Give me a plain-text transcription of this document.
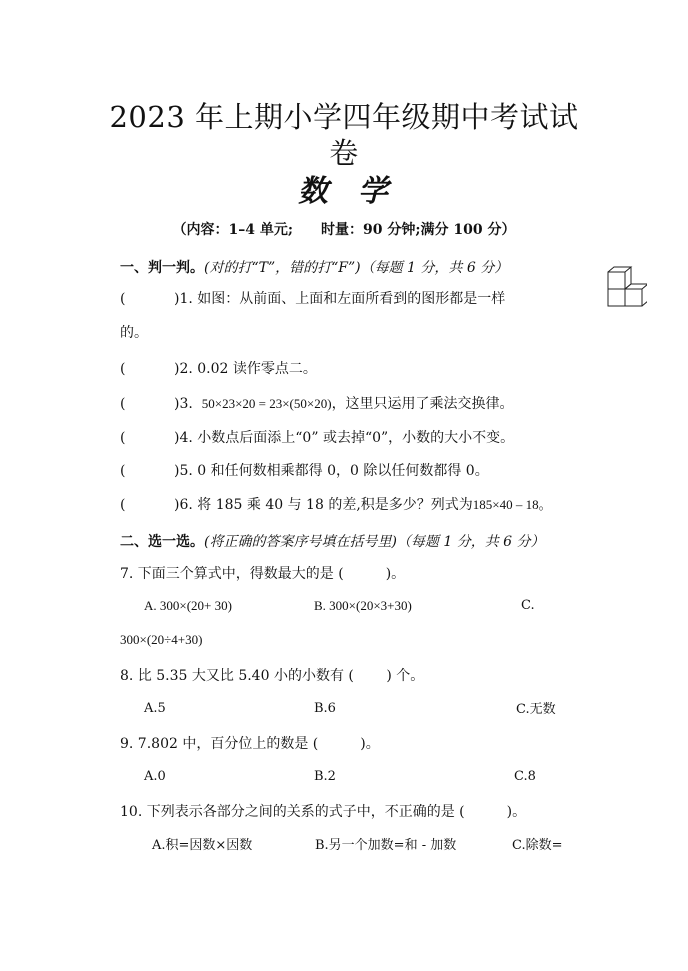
2023 年上期小学四年级期中考试试
卷
数 学
（内容：1–4 单元;　　时量：90 分钟;满分 100 分）
一、判一判。(对的打“T”，错的打“F”)（每题 1 分，共 6 分）
(	)1. 如图：从前面、上面和左面所看到的图形都是一样
的。
(	)2. 0.02 读作零点二。
(	)3. 50×23×20 = 23×(50×20)，这里只运用了乘法交换律。
(	)4. 小数点后面添上“0” 或去掉“0”，小数的大小不变。
(	)5. 0 和任何数相乘都得 0，0 除以任何数都得 0。
(	)6. 将 185 乘 40 与 18 的差,积是多少？列式为185×40 – 18。
二、选一选。(将正确的答案序号填在括号里)（每题 1 分，共 6 分）
7. 下面三个算式中，得数最大的是 (　　　)。
A. 300×(20+ 30)	B. 300×(20×3+30)	C.
300×(20÷4+30)
8. 比 5.35 大又比 5.40 小的小数有 (　　 ) 个。
A.5	B.6	C.无数
9. 7.802 中，百分位上的数是 (　　　)。
A.0	B.2	C.8
10. 下列表示各部分之间的关系的式子中，不正确的是 (　　　)。
A.积=因数×因数	B.另一个加数=和 - 加数	C.除数=
